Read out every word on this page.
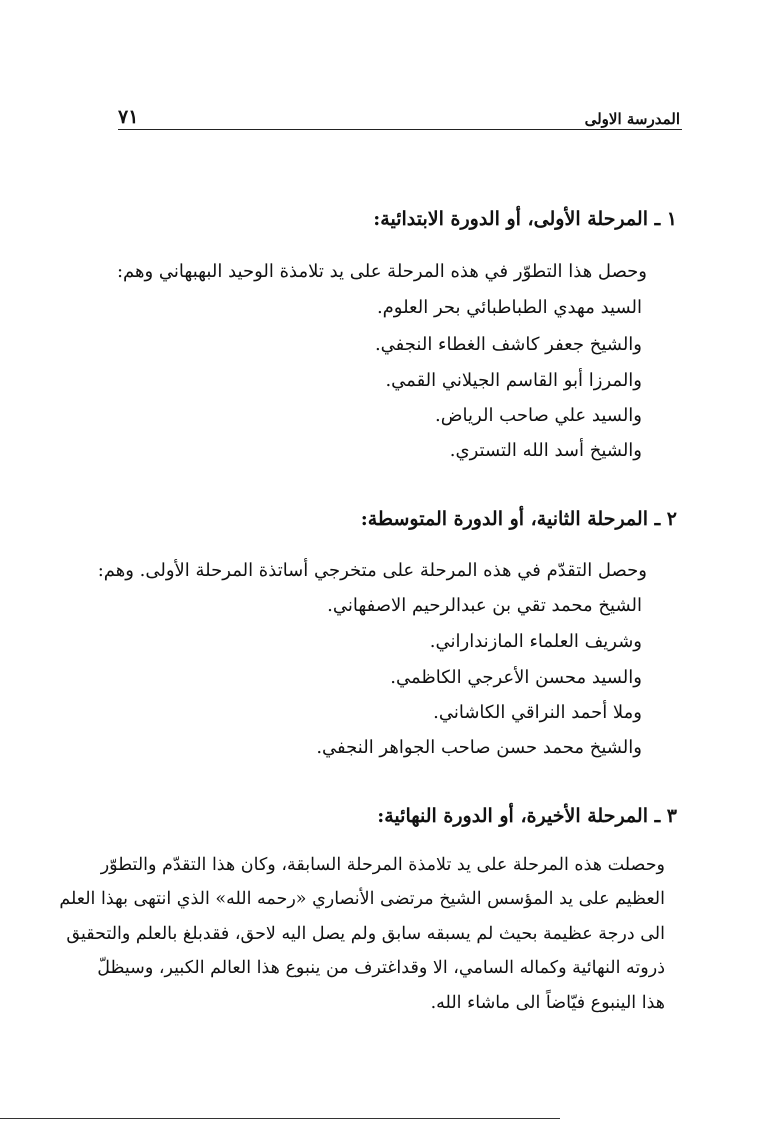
المدرسة الاولى
٧١
١ ـ المرحلة الأولى، أو الدورة الابتدائية:
وحصل هذا التطوّر في هذه المرحلة على يد تلامذة الوحيد البهبهاني وهم:
السيد مهدي الطباطبائي بحر العلوم.
والشيخ جعفر كاشف الغطاء النجفي.
والمرزا أبو القاسم الجيلاني القمي.
والسيد علي صاحب الرياض.
والشيخ أسد الله التستري.
٢ ـ المرحلة الثانية، أو الدورة المتوسطة:
وحصل التقدّم في هذه المرحلة على متخرجي أساتذة المرحلة الأولى. وهم:
الشيخ محمد تقي بن عبدالرحيم الاصفهاني.
وشريف العلماء المازنداراني.
والسيد محسن الأعرجي الكاظمي.
وملا أحمد النراقي الكاشاني.
والشيخ محمد حسن صاحب الجواهر النجفي.
٣ ـ المرحلة الأخيرة، أو الدورة النهائية:
وحصلت هذه المرحلة على يد تلامذة المرحلة السابقة، وكان هذا التقدّم والتطوّر
العظيم على يد المؤسس الشيخ مرتضى الأنصاري «رحمه الله» الذي انتهى بهذا العلم
الى درجة عظيمة بحيث لم يسبقه سابق ولم يصل اليه لاحق، فقدبلغ بالعلم والتحقيق
ذروته النهائية وكماله السامي، الا وقداغترف من ينبوع هذا العالم الكبير، وسيظلّ
هذا الينبوع فيّاضاً الى ماشاء الله.
